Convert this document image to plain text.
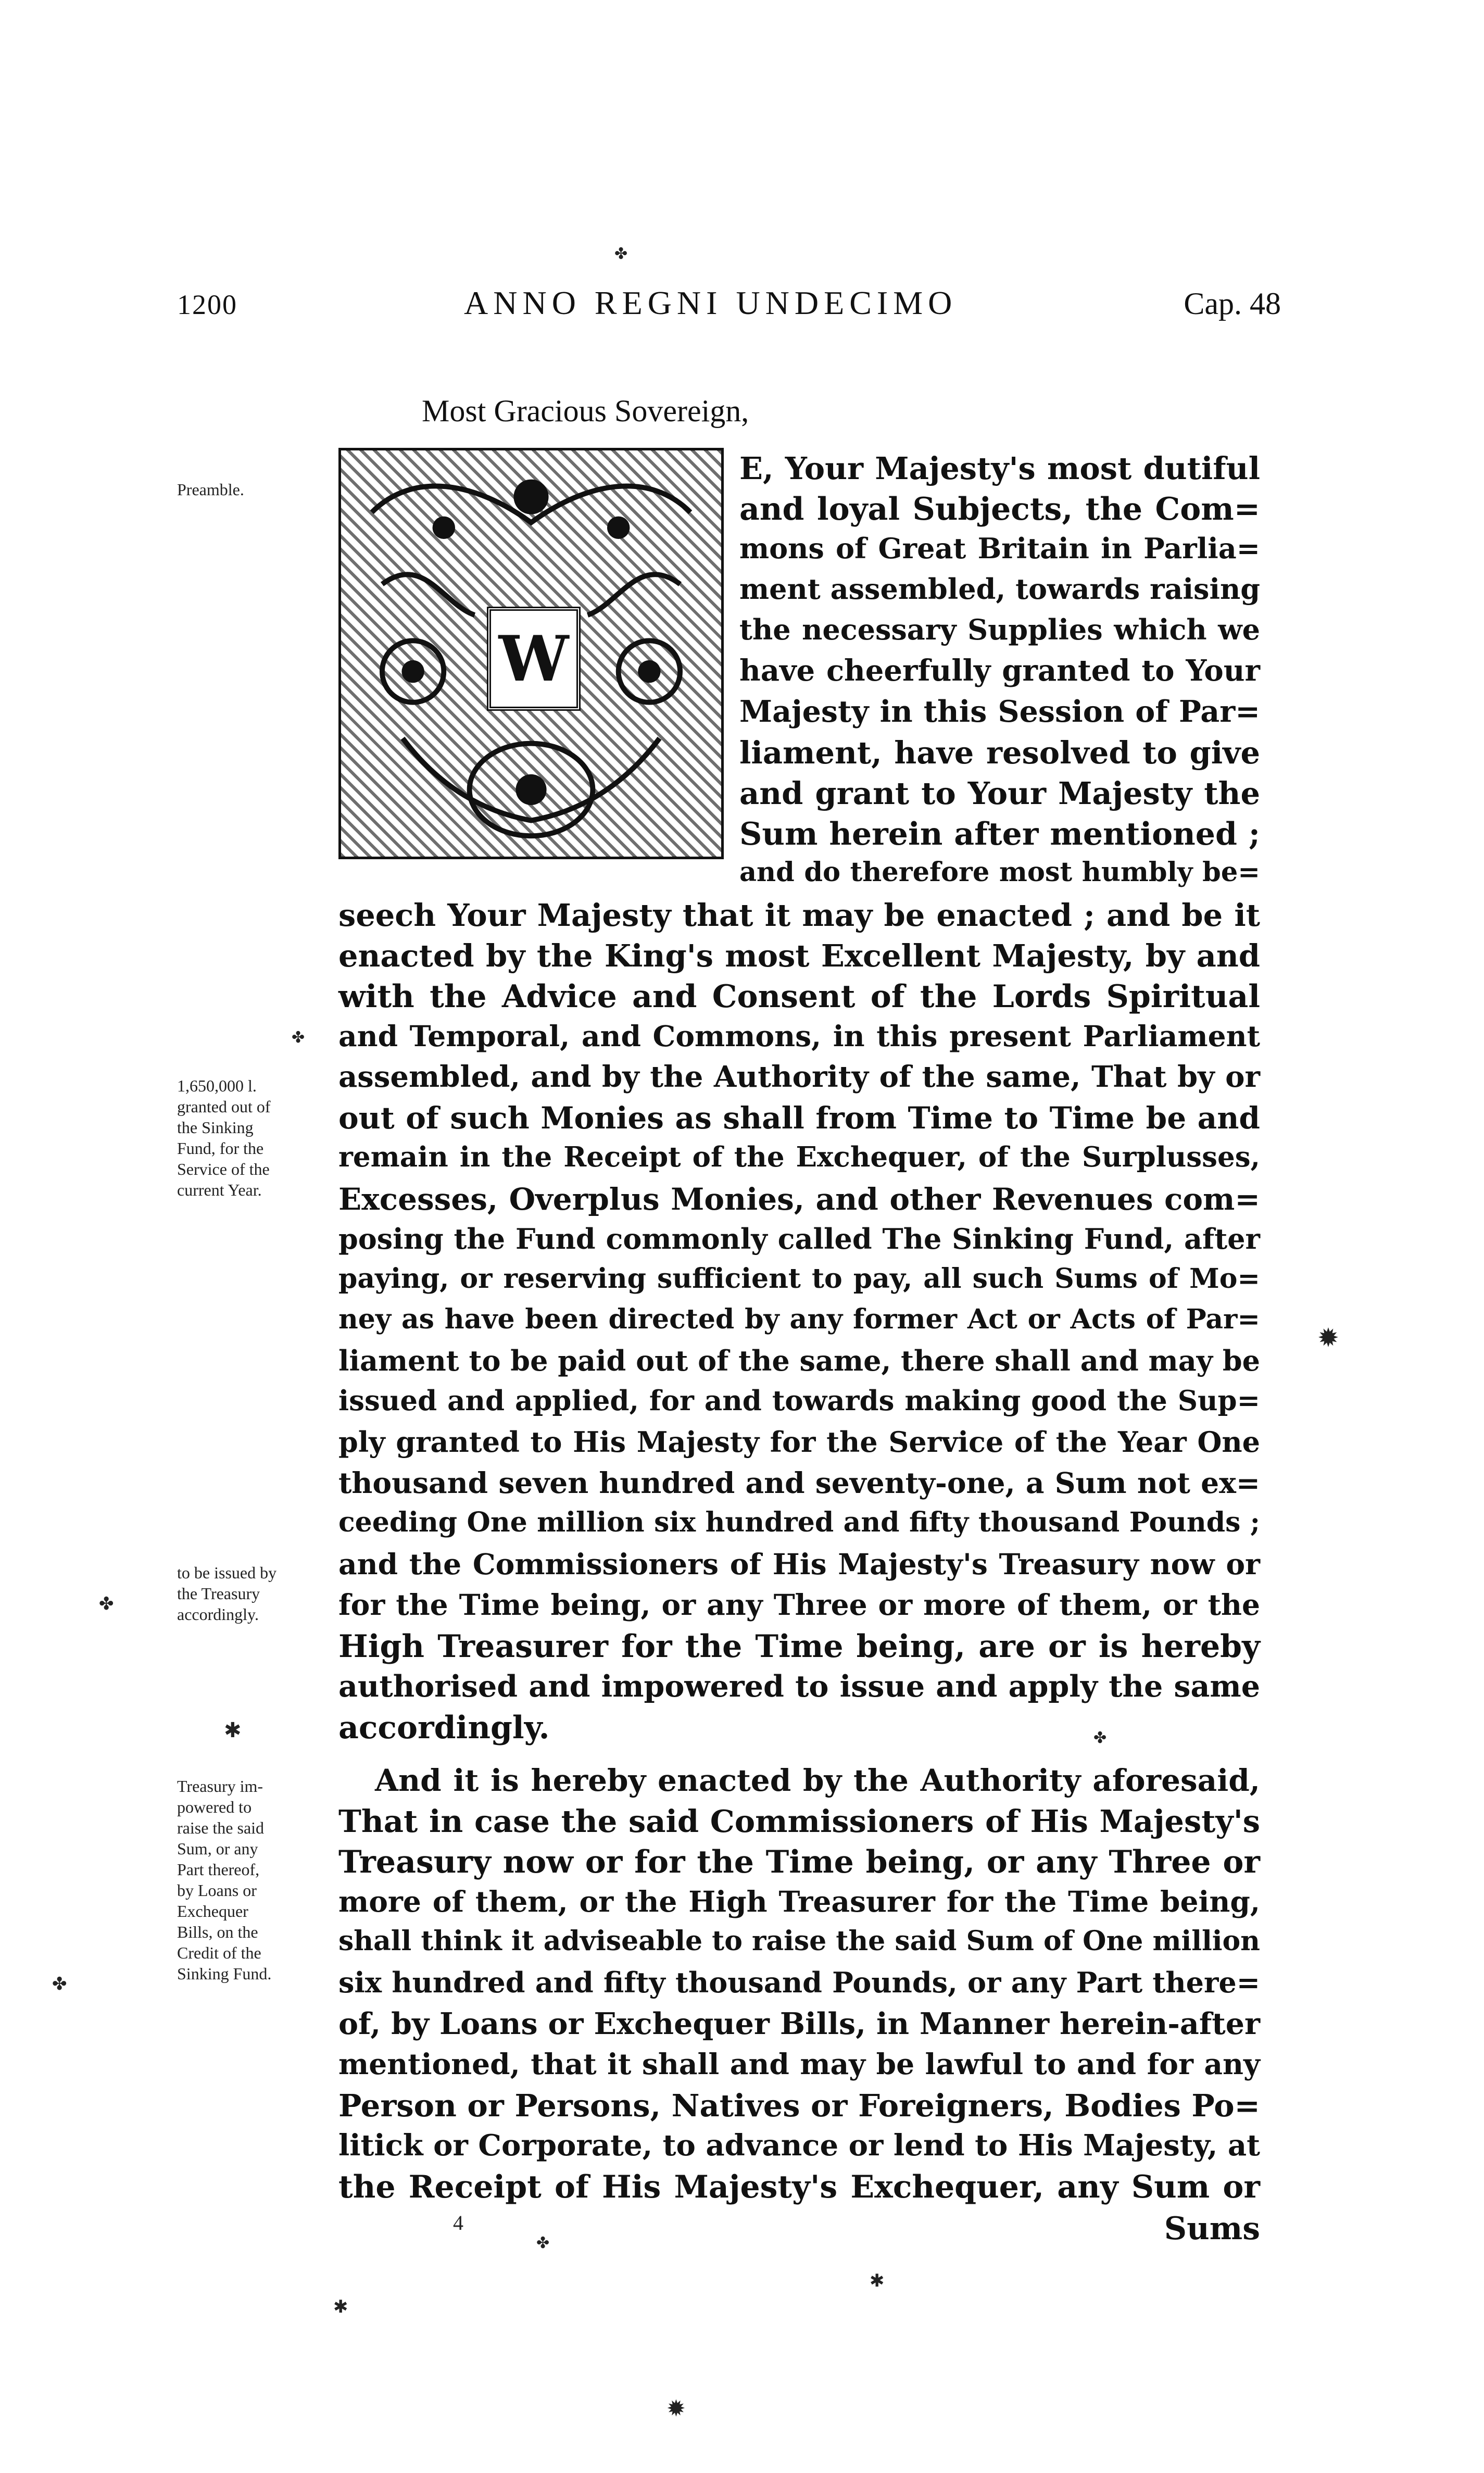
1200	ANNO REGNI UNDECIMO	Cap. 48
Most Gracious Sovereign,
W
E, Your Majesty's most dutiful
and loyal Subjects, the Com=
mons of Great Britain in Parlia=
ment assembled, towards raising
the necessary Supplies which we
have cheerfully granted to Your
Majesty in this Session of Par=
liament, have resolved to give
and grant to Your Majesty the
Sum herein after mentioned ;
and do therefore most humbly be=
seech Your Majesty that it may be enacted ; and be it
enacted by the King's most Excellent Majesty, by and
with the Advice and Consent of the Lords Spiritual
and Temporal, and Commons, in this present Parliament
assembled, and by the Authority of the same, That by or
out of such Monies as shall from Time to Time be and
remain in the Receipt of the Exchequer, of the Surplusses,
Excesses, Overplus Monies, and other Revenues com=
posing the Fund commonly called The Sinking Fund, after
paying, or reserving sufficient to pay, all such Sums of Mo=
ney as have been directed by any former Act or Acts of Par=
liament to be paid out of the same, there shall and may be
issued and applied, for and towards making good the Sup=
ply granted to His Majesty for the Service of the Year One
thousand seven hundred and seventy-one, a Sum not ex=
ceeding One million six hundred and fifty thousand Pounds ;
and the Commissioners of His Majesty's Treasury now or
for the Time being, or any Three or more of them, or the
High Treasurer for the Time being, are or is hereby
authorised and impowered to issue and apply the same
accordingly.
And it is hereby enacted by the Authority aforesaid,
That in case the said Commissioners of His Majesty's
Treasury now or for the Time being, or any Three or
more of them, or the High Treasurer for the Time being,
shall think it adviseable to raise the said Sum of One million
six hundred and fifty thousand Pounds, or any Part there=
of, by Loans or Exchequer Bills, in Manner herein-after
mentioned, that it shall and may be lawful to and for any
Person or Persons, Natives or Foreigners, Bodies Po=
litick or Corporate, to advance or lend to His Majesty, at
the Receipt of His Majesty's Exchequer, any Sum or
Sums
4
Preamble.
1,650,000 l.
granted out of
the Sinking
Fund, for the
Service of the
current Year.
to be issued by
the Treasury
accordingly.
Treasury im-
powered to
raise the said
Sum, or any
Part thereof,
by Loans or
Exchequer
Bills, on the
Credit of the
Sinking Fund.
✤
✤
✱
✹
✤
✱
✱
✹
✤
✤
✤
